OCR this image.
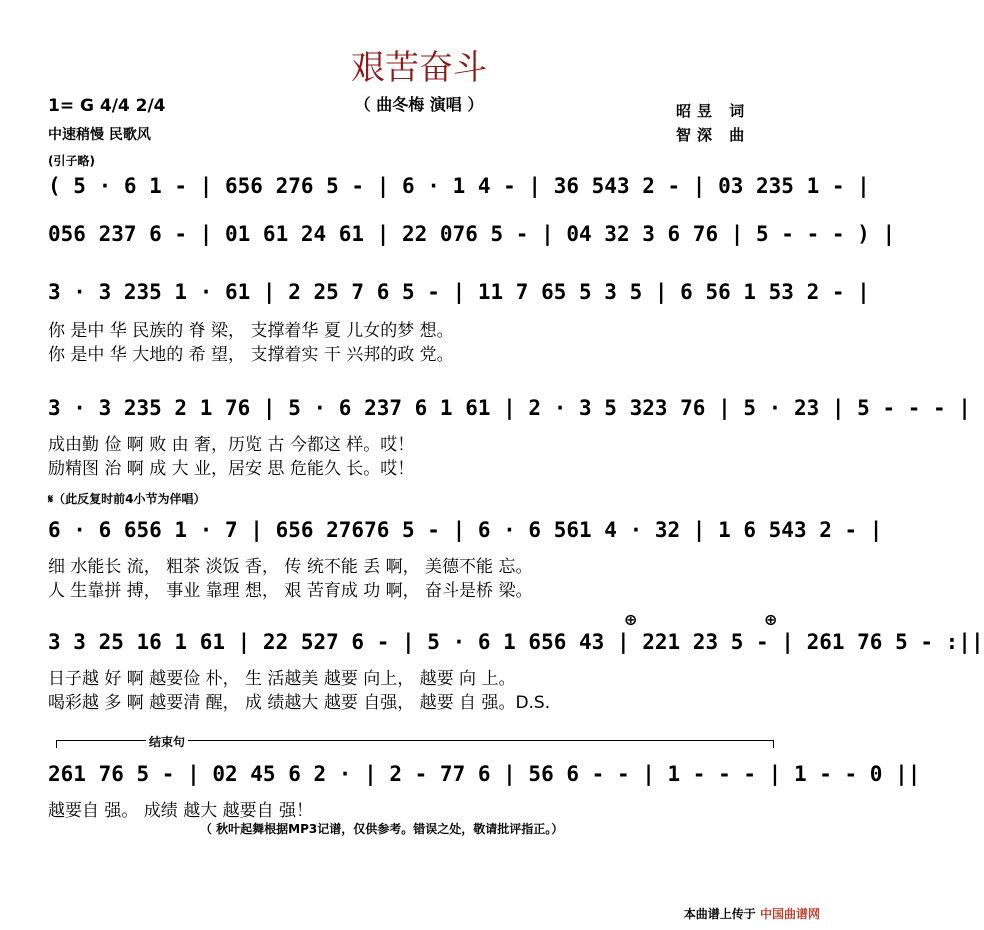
艰苦奋斗
（ 曲冬梅 演唱 ）
1= G 4/4 2/4
中速稍慢 民歌风
昭昱 词
智深 曲
(引子略)
( 5 · 6 1 - | 656 276 5 - | 6 · 1 4 - | 36 543 2 - | 03 235 1 - |
056 237 6 - | 01 61 24 61 | 22 076 5 - | 04 32 3 6 76 | 5 - - - ) |
3 · 3 235 1 · 61 | 2 25 7 6 5 - | 11 7 65 5 3 5 | 6 56 1 53 2 - |
你 是中 华 民族的 脊 梁， 支撑着华 夏 儿女的梦 想。
你 是中 华 大地的 希 望， 支撑着实 干 兴邦的政 党。
3 · 3 235 2 1 76 | 5 · 6 237 6 1 61 | 2 · 3 5 323 76 | 5 · 23 | 5 - - - |
成由勤 俭 啊 败 由 奢，历览 古 今都这 样。哎！
励精图 治 啊 成 大 业，居安 思 危能久 长。哎！
𝄋（此反复时前4小节为伴唱）
6 · 6 656 1 · 7 | 656 27676 5 - | 6 · 6 561 4 · 32 | 1 6 543 2 - |
细 水能长 流， 粗茶 淡饭 香， 传 统不能 丢 啊， 美德不能 忘。
人 生靠拼 搏， 事业 靠理 想， 艰 苦育成 功 啊， 奋斗是桥 梁。
⊕	⊕
3 3 25 16 1 61 | 22 527 6 - | 5 · 6 1 656 43 | 221 23 5 - | 261 76 5 - :||
日子越 好 啊 越要俭 朴， 生 活越美 越要 向上， 越要 向 上。
喝彩越 多 啊 越要清 醒， 成 绩越大 越要 自强， 越要 自 强。D.S.
结束句
261 76 5 - | 02 45 6 2 · | 2 - 77 6 | 56 6 - - | 1 - - - | 1 - - 0 ||
越要自 强。 成绩 越大 越要自 强！
（ 秋叶起舞根据MP3记谱，仅供参考。错误之处，敬请批评指正。）
本曲谱上传于 中国曲谱网
